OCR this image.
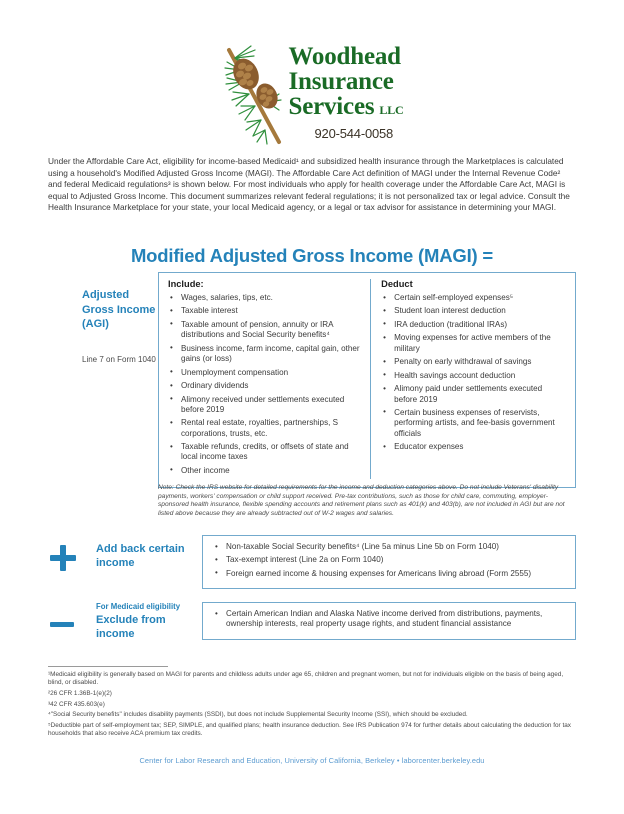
Woodhead
Insurance
Services LLC
920-544-0058
Under the Affordable Care Act, eligibility for income-based Medicaid¹ and subsidized health insurance through the Marketplaces is calculated using a household's Modified Adjusted Gross Income (MAGI). The Affordable Care Act definition of MAGI under the Internal Revenue Code² and federal Medicaid regulations³ is shown below. For most individuals who apply for health coverage under the Affordable Care Act, MAGI is equal to Adjusted Gross Income. This document summarizes relevant federal regulations; it is not personalized tax or legal advice. Consult the Health Insurance Marketplace for your state, your local Medicaid agency, or a legal or tax advisor for assistance in determining your MAGI.
Modified Adjusted Gross Income (MAGI) =
Adjusted Gross Income (AGI)
Line 7 on Form 1040
Include:
• Wages, salaries, tips, etc.
• Taxable interest
• Taxable amount of pension, annuity or IRA distributions and Social Security benefits⁴
• Business income, farm income, capital gain, other gains (or loss)
• Unemployment compensation
• Ordinary dividends
• Alimony received under settlements executed before 2019
• Rental real estate, royalties, partnerships, S corporations, trusts, etc.
• Taxable refunds, credits, or offsets of state and local income taxes
• Other income
Deduct
• Certain self-employed expenses⁵
• Student loan interest deduction
• IRA deduction (traditional IRAs)
• Moving expenses for active members of the military
• Penalty on early withdrawal of savings
• Health savings account deduction
• Alimony paid under settlements executed before 2019
• Certain business expenses of reservists, performing artists, and fee-basis government officials
• Educator expenses
Note: Check the IRS website for detailed requirements for the income and deduction categories above. Do not include Veterans' disability payments, workers' compensation or child support received. Pre-tax contributions, such as those for child care, commuting, employer-sponsored health insurance, flexible spending accounts and retirement plans such as 401(k) and 403(b), are not included in AGI but are not listed above because they are already subtracted out of W-2 wages and salaries.
Add back certain income
• Non-taxable Social Security benefits⁴ (Line 5a minus Line 5b on Form 1040)
• Tax-exempt interest (Line 2a on Form 1040)
• Foreign earned income & housing expenses for Americans living abroad (Form 2555)
For Medicaid eligibility
Exclude from income
• Certain American Indian and Alaska Native income derived from distributions, payments, ownership interests, real property usage rights, and student financial assistance

¹Medicaid eligibility is generally based on MAGI for parents and childless adults under age 65, children and pregnant women, but not for individuals eligible on the basis of being aged, blind, or disabled.

²26 CFR 1.36B-1(e)(2)

³42 CFR 435.603(e)

⁴"Social Security benefits" includes disability payments (SSDI), but does not include Supplemental Security Income (SSI), which should be excluded.

⁵Deductible part of self-employment tax; SEP, SIMPLE, and qualified plans; health insurance deduction. See IRS Publication 974 for further details about calculating the deduction for tax households that also receive ACA premium tax credits.

Center for Labor Research and Education, University of California, Berkeley • laborcenter.berkeley.edu
